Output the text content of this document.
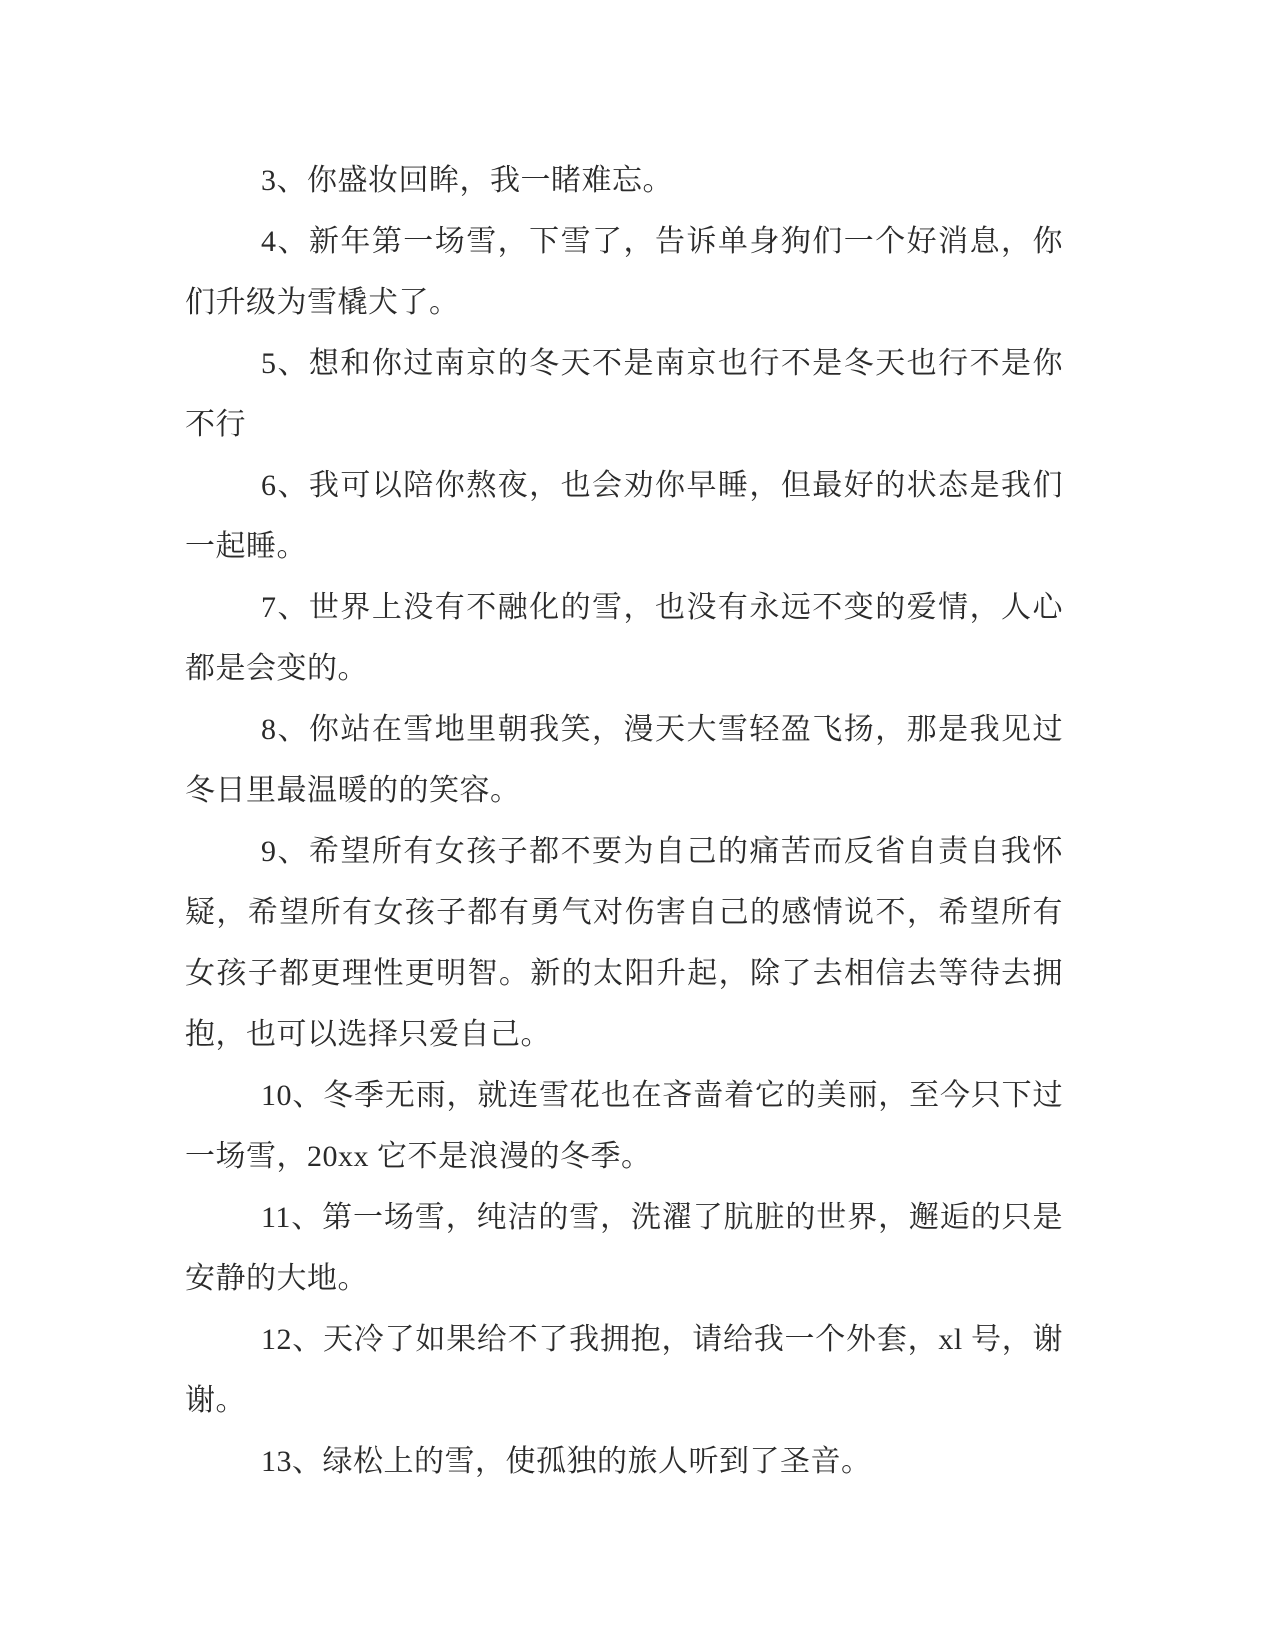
3、你盛妆回眸，我一睹难忘。

4、新年第一场雪，下雪了，告诉单身狗们一个好消息，你们升级为雪橇犬了。

5、想和你过南京的冬天不是南京也行不是冬天也行不是你不行

6、我可以陪你熬夜，也会劝你早睡，但最好的状态是我们一起睡。

7、世界上没有不融化的雪，也没有永远不变的爱情，人心都是会变的。

8、你站在雪地里朝我笑，漫天大雪轻盈飞扬，那是我见过冬日里最温暖的的笑容。

9、希望所有女孩子都不要为自己的痛苦而反省自责自我怀疑，希望所有女孩子都有勇气对伤害自己的感情说不，希望所有女孩子都更理性更明智。新的太阳升起，除了去相信去等待去拥抱，也可以选择只爱自己。

10、冬季无雨，就连雪花也在吝啬着它的美丽，至今只下过一场雪，20xx 它不是浪漫的冬季。

11、第一场雪，纯洁的雪，洗濯了肮脏的世界，邂逅的只是安静的大地。

12、天冷了如果给不了我拥抱，请给我一个外套，xl 号，谢谢。

13、绿松上的雪，使孤独的旅人听到了圣音。
